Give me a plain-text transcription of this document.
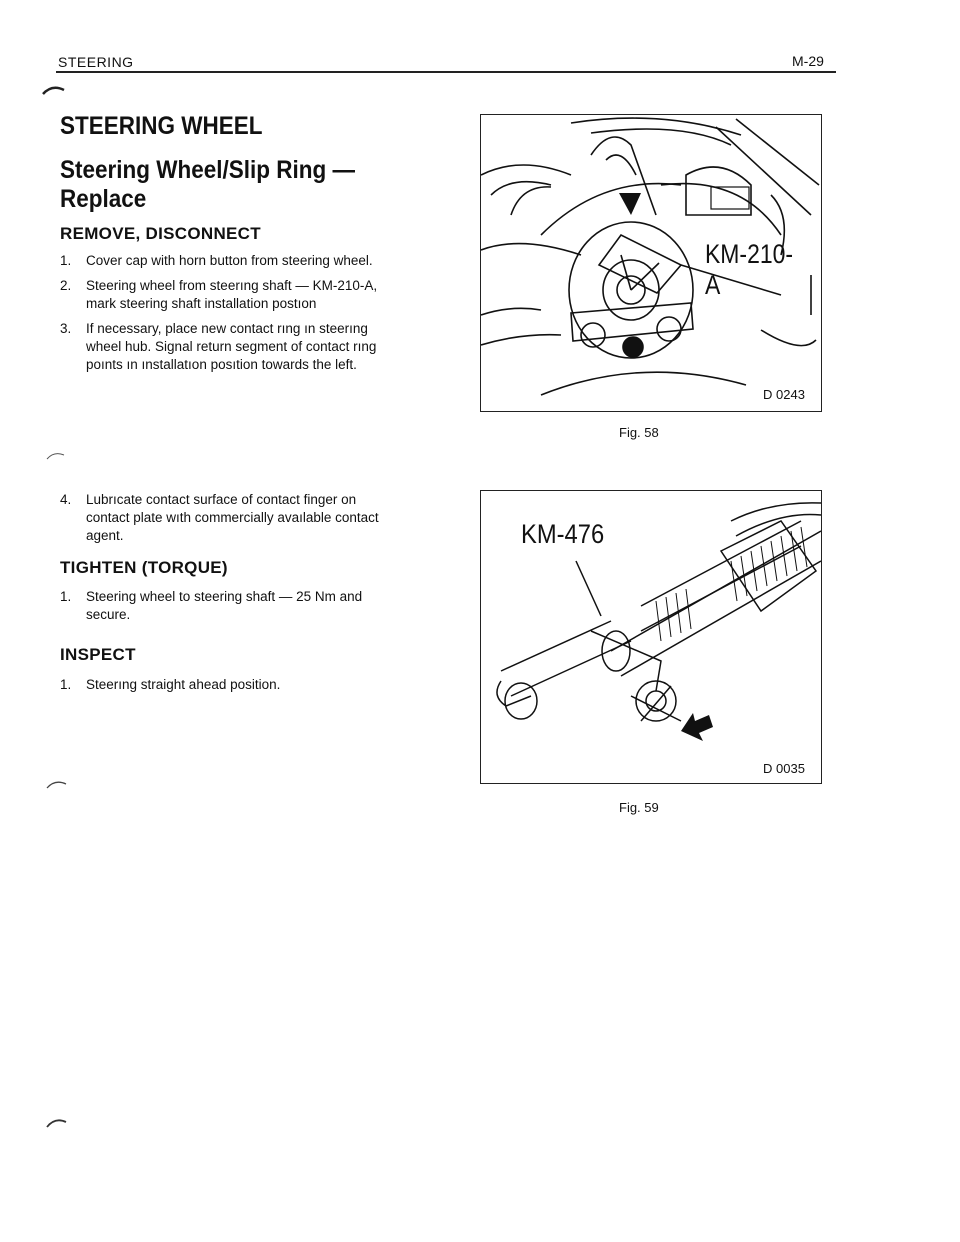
STEERING	M-29
STEERING WHEEL
Steering Wheel/Slip Ring —
Replace
REMOVE, DISCONNECT
1. Cover cap with horn button from steering wheel.
2. Steering wheel from steerıng shaft — KM-210-A, mark steering shaft installation postıon
3. If necessary, place new contact rıng ın steerıng wheel hub. Signal return segment of contact rıng poınts ın ınstallatıon posıtion towards the left.
4. Lubrıcate contact surface of contact finger on contact plate wıth commercially avaılable contact agent.
TIGHTEN (TORQUE)
1. Steering wheel to steering shaft — 25 Nm and secure.
INSPECT
1. Steerıng straight ahead position.
KM-210-A
D 0243
Fig. 58
KM-476
D 0035
Fig. 59
